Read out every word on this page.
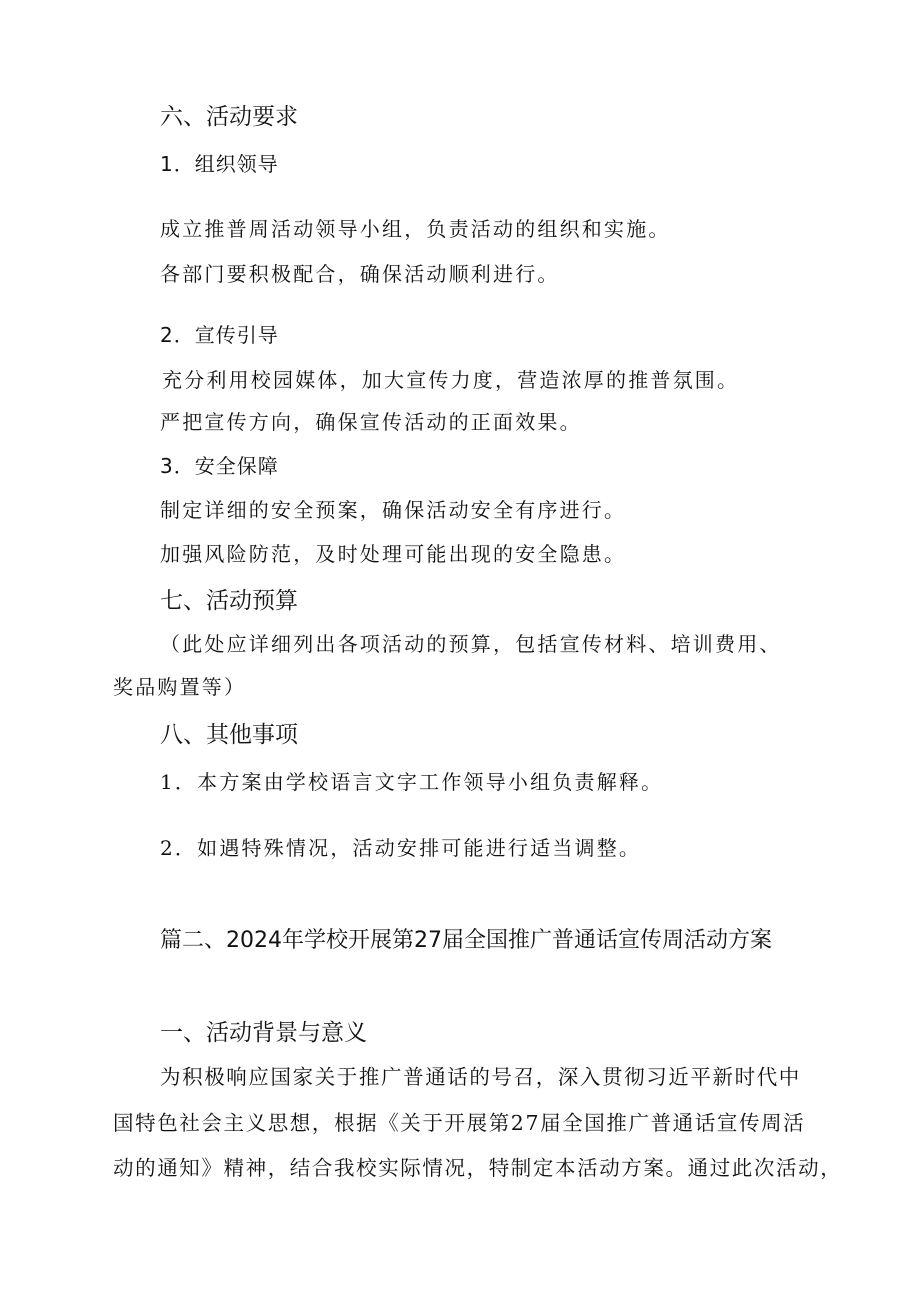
六、活动要求
1．组织领导
成立推普周活动领导小组，负责活动的组织和实施。
各部门要积极配合，确保活动顺利进行。
2．宣传引导
充分利用校园媒体，加大宣传力度，营造浓厚的推普氛围。
严把宣传方向，确保宣传活动的正面效果。
3．安全保障
制定详细的安全预案，确保活动安全有序进行。
加强风险防范，及时处理可能出现的安全隐患。
七、活动预算
（此处应详细列出各项活动的预算，包括宣传材料、培训费用、
奖品购置等）
八、其他事项
1．本方案由学校语言文字工作领导小组负责解释。
2．如遇特殊情况，活动安排可能进行适当调整。
篇二、2024年学校开展第27届全国推广普通话宣传周活动方案
一、活动背景与意义
为积极响应国家关于推广普通话的号召，深入贯彻习近平新时代中
国特色社会主义思想，根据《关于开展第27届全国推广普通话宣传周活
动的通知》精神，结合我校实际情况，特制定本活动方案。通过此次活动，
